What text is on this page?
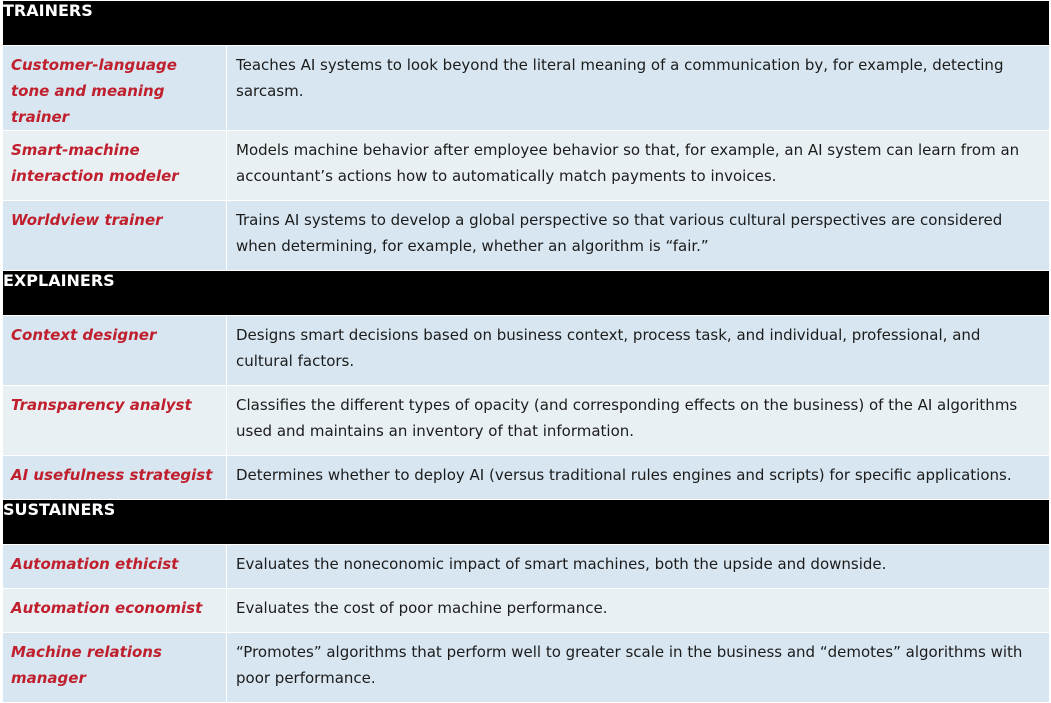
TRAINERS	
Customer-language tone and meaning trainer	Teaches AI systems to look beyond the literal meaning of a communication by, for example, detecting sarcasm.
Smart-machine interaction modeler	Models machine behavior after employee behavior so that, for example, an AI system can learn from an accountant’s actions how to automatically match payments to invoices.
Worldview trainer	Trains AI systems to develop a global perspective so that various cultural perspectives are considered when determining, for example, whether an algorithm is “fair.”
EXPLAINERS	
Context designer	Designs smart decisions based on business context, process task, and individual, professional, and cultural factors.
Transparency analyst	Classifies the different types of opacity (and corresponding effects on the business) of the AI algorithms used and maintains an inventory of that information.
AI usefulness strategist	Determines whether to deploy AI (versus traditional rules engines and scripts) for specific applications.
SUSTAINERS	
Automation ethicist	Evaluates the noneconomic impact of smart machines, both the upside and downside.
Automation economist	Evaluates the cost of poor machine performance.
Machine relations manager	“Promotes” algorithms that perform well to greater scale in the business and “demotes” algorithms with poor performance.
